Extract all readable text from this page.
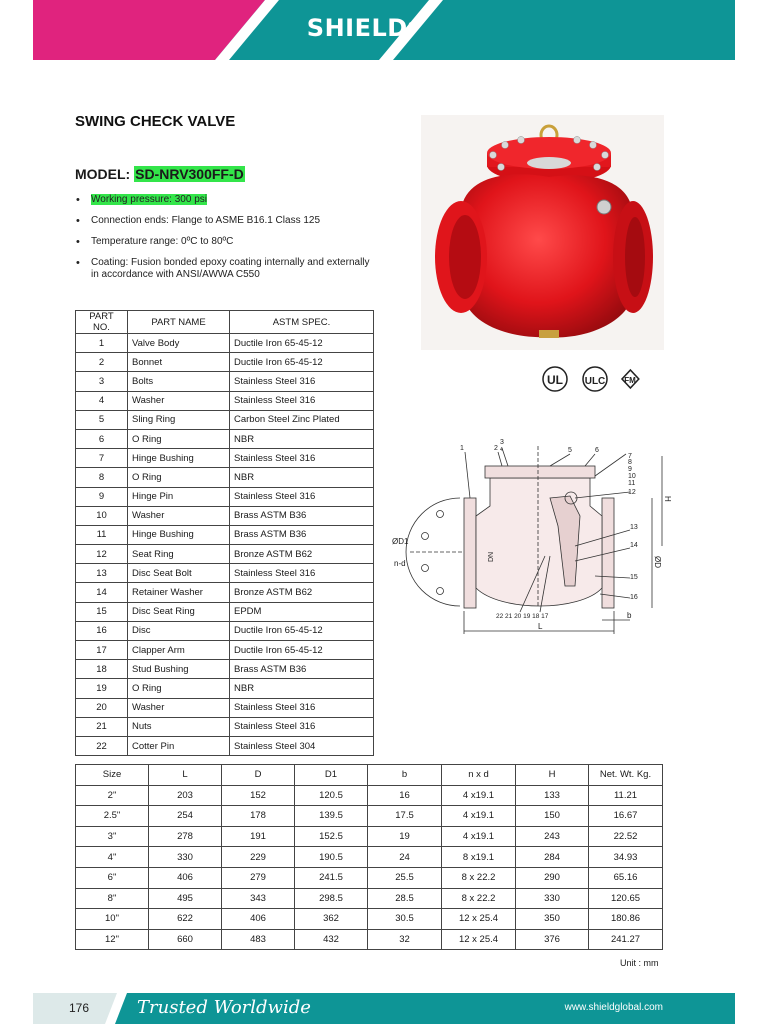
SHIELD®
SWING CHECK VALVE
MODEL: SD-NRV300FF-D
• Working pressure: 300 psi
• Connection ends: Flange to ASME B16.1 Class 125
• Temperature range: 0ºC to 80ºC
• Coating: Fusion bonded epoxy coating internally and externally in accordance with ANSI/AWWA C550
PART NO.	PART NAME	ASTM SPEC.
1	Valve Body	Ductile Iron 65-45-12
2	Bonnet	Ductile Iron 65-45-12
3	Bolts	Stainless Steel 316
4	Washer	Stainless Steel 316
5	Sling Ring	Carbon Steel Zinc Plated
6	O Ring	NBR
7	Hinge Bushing	Stainless Steel 316
8	O Ring	NBR
9	Hinge Pin	Stainless Steel 316
10	Washer	Brass ASTM B36
11	Hinge Bushing	Brass ASTM B36
12	Seat Ring	Bronze ASTM B62
13	Disc Seat Bolt	Stainless Steel 316
14	Retainer Washer	Bronze ASTM B62
15	Disc Seat Ring	EPDM
16	Disc	Ductile Iron 65-45-12
17	Clapper Arm	Ductile Iron 65-45-12
18	Stud Bushing	Brass ASTM B36
19	O Ring	NBR
20	Washer	Stainless Steel 316
21	Nuts	Stainless Steel 316
22	Cotter Pin	Stainless Steel 304
UL ULC FM
1	2
3
4	5	6
7
8
9
10
11
12
13
14
15
16
22 21 20 19 18 17
ØD1
n-d
L
b
H
ØD
DN
Size	L	D	D1	b	n x d	H	Net. Wt. Kg.
2"	203	152	120.5	16	4 x19.1	133	11.21
2.5"	254	178	139.5	17.5	4 x19.1	150	16.67
3"	278	191	152.5	19	4 x19.1	243	22.52
4"	330	229	190.5	24	8 x19.1	284	34.93
6"	406	279	241.5	25.5	8 x 22.2	290	65.16
8"	495	343	298.5	28.5	8 x 22.2	330	120.65
10"	622	406	362	30.5	12 x 25.4	350	180.86
12"	660	483	432	32	12 x 25.4	376	241.27
Unit : mm
176	Trusted Worldwide	www.shieldglobal.com
